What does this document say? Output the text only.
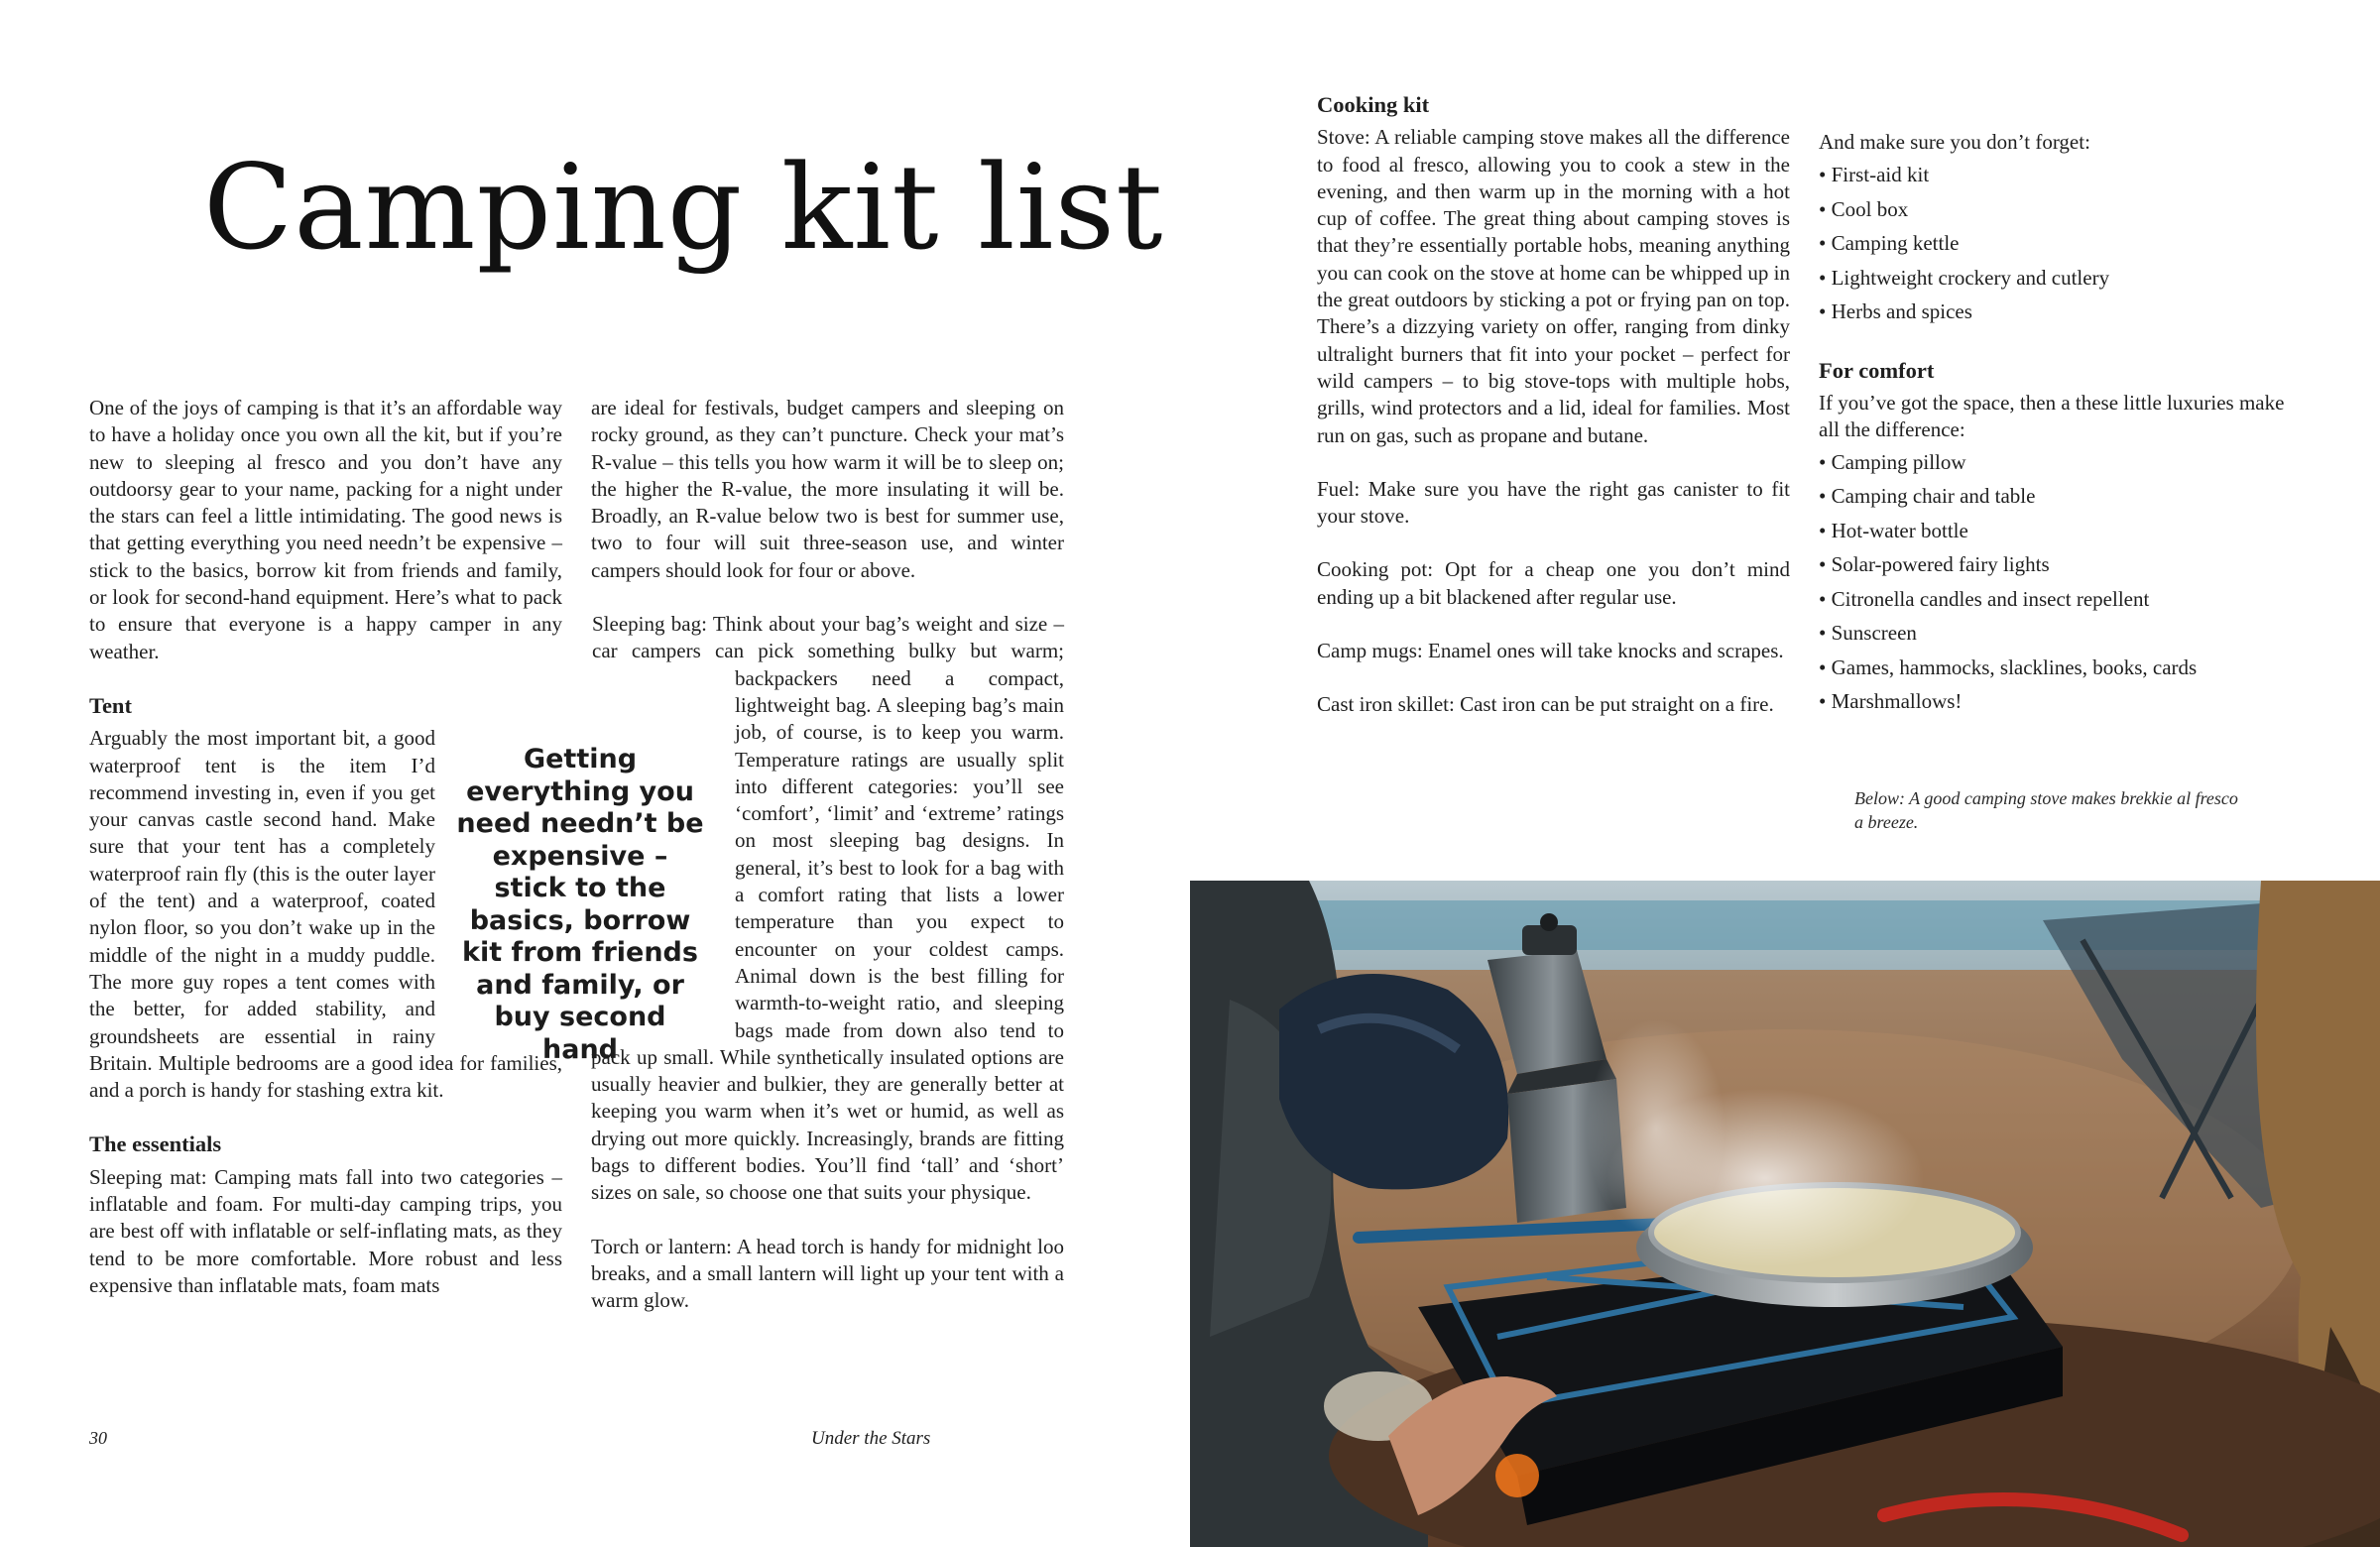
Camping kit list

One of the joys of camping is that it’s an affordable way to have a holiday once you own all the kit, but if you’re new to sleeping al fresco and you don’t have any outdoorsy gear to your name, packing for a night under the stars can feel a little intimidating. The good news is that getting everything you need needn’t be expensive – stick to the basics, borrow kit from friends and family, or look for second-hand equipment. Here’s what to pack to ensure that everyone is a happy camper in any weather.

Tent
Arguably the most important bit, a good waterproof tent is the item I’d recommend investing in, even if you get your canvas castle second hand. Make sure that your tent has a completely waterproof rain fly (this is the outer layer of the tent) and a waterproof, coated nylon floor, so you don’t wake up in the middle of the night in a muddy puddle. The more guy ropes a tent comes with the better, for added stability, and groundsheets are essential in rainy Britain. Multiple bedrooms are a good idea for families, and a porch is handy for stashing extra kit.
The essentials

Sleeping mat: Camping mats fall into two categories – inflatable and foam. For multi-day camping trips, you are best off with inflatable or self-inflating mats, as they tend to be more comfortable. More robust and less expensive than inflatable mats, foam mats

are ideal for festivals, budget campers and sleeping on rocky ground, as they can’t puncture. Check your mat’s R-value – this tells you how warm it will be to sleep on; the higher the R-value, the more insulating it will be. Broadly, an R-value below two is best for summer use, two to four will suit three-season use, and winter campers should look for four or above.

Sleeping bag: Think about your bag’s weight and size – car campers can pick something bulky but warm; backpackers need a compact, lightweight bag. A sleeping bag’s main job, of course, is to keep you warm. Temperature ratings are usually split into different categories: you’ll see ‘comfort’, ‘limit’ and ‘extreme’ ratings on most sleeping bag designs. In general, it’s best to look for a bag with a comfort rating that lists a lower temperature than you expect to encounter on your coldest camps. Animal down is the best filling for warmth-to-weight ratio, and sleeping bags made from down also tend to pack up small. While synthetically insulated options are usually heavier and bulkier, they are generally better at keeping you warm when it’s wet or humid, as well as drying out more quickly. Increasingly, brands are fitting bags to different bodies. You’ll find ‘tall’ and ‘short’ sizes on sale, so choose one that suits your physique.

Torch or lantern: A head torch is handy for midnight loo breaks, and a small lantern will light up your tent with a warm glow.

Getting everything you need needn’t be expensive – stick to the basics, borrow kit from friends and family, or buy second hand

30	Under the Stars

Cooking kit

Stove: A reliable camping stove makes all the difference to food al fresco, allowing you to cook a stew in the evening, and then warm up in the morning with a hot cup of coffee. The great thing about camping stoves is that they’re essentially portable hobs, meaning anything you can cook on the stove at home can be whipped up in the great outdoors by sticking a pot or frying pan on top. There’s a dizzying variety on offer, ranging from dinky ultralight burners that fit into your pocket – perfect for wild campers – to big stove-tops with multiple hobs, grills, wind protectors and a lid, ideal for families. Most run on gas, such as propane and butane.

Fuel: Make sure you have the right gas canister to fit your stove.

Cooking pot: Opt for a cheap one you don’t mind ending up a bit blackened after regular use.

Camp mugs: Enamel ones will take knocks and scrapes.

Cast iron skillet: Cast iron can be put straight on a fire.

And make sure you don’t forget:
• First-aid kit
• Cool box
• Camping kettle
• Lightweight crockery and cutlery
• Herbs and spices
For comfort
If you’ve got the space, then a these little luxuries make all the difference:
• Camping pillow
• Camping chair and table
• Hot-water bottle
• Solar-powered fairy lights
• Citronella candles and insect repellent
• Sunscreen
• Games, hammocks, slacklines, books, cards
• Marshmallows!

Below: A good camping stove makes brekkie al fresco a breeze.
